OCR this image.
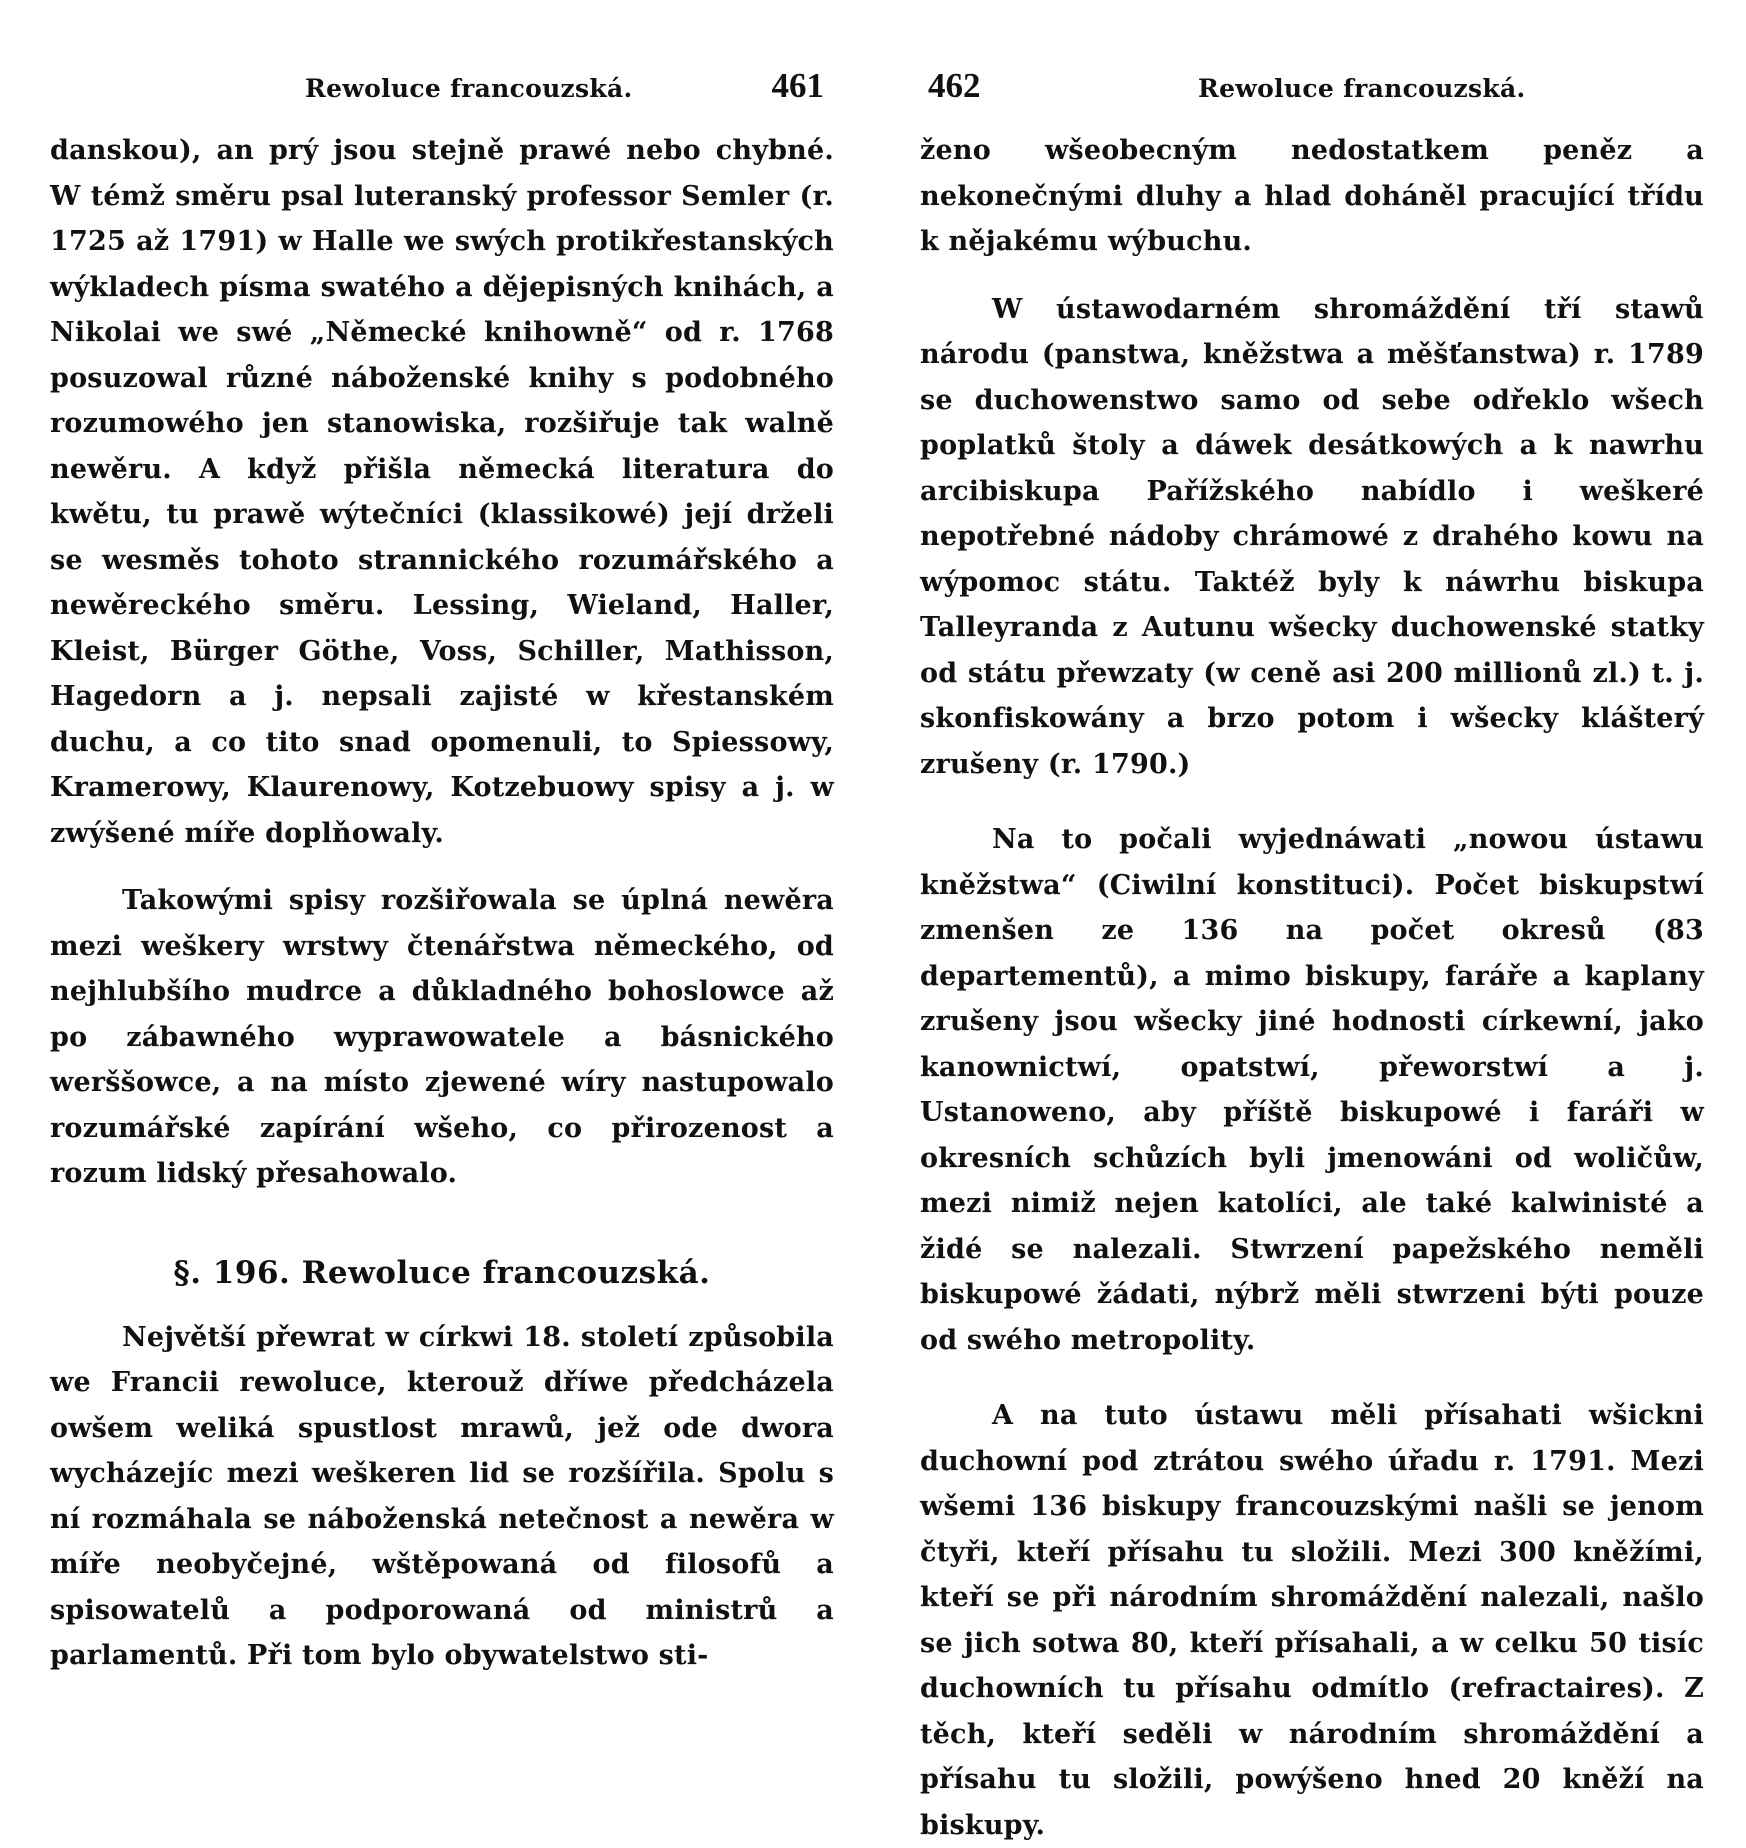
Rewoluce francouzská.	461

danskou), an prý jsou stejně prawé nebo chybné. W témž směru psal luteranský professor Semler (r. 1725 až 1791) w Halle we swých protikřestanských wýkladech písma swatého a dějepisných knihách, a Nikolai we swé „Německé knihowně“ od r. 1768 posuzowal různé náboženské knihy s podobného rozumowého jen stanowiska, rozšiřuje tak walně newěru. A když přišla německá literatura do kwětu, tu prawě wýtečníci (klassikowé) její drželi se wesměs tohoto strannického rozumářského a newěreckého směru. Lessing, Wieland, Haller, Kleist, Bürger Göthe, Voss, Schiller, Mathisson, Hagedorn a j. nepsali zajisté w křestanském duchu, a co tito snad opomenuli, to Spiessowy, Kramerowy, Klaurenowy, Kotzebuowy spisy a j. w zwýšené míře doplňowaly.

Takowými spisy rozšiřowala se úplná newěra mezi weškery wrstwy čtenářstwa německého, od nejhlubšího mudrce a důkladného bohoslowce až po zábawného wyprawowatele a básnického werššowce, a na místo zjewené wíry nastupowalo rozumářské zapírání wšeho, co přirozenost a rozum lidský přesahowalo.

§. 196. Rewoluce francouzská.

Největší přewrat w církwi 18. století způsobila we Francii rewoluce, kterouž dříwe předcházela owšem weliká spustlost mrawů, jež ode dwora wycházejíc mezi weškeren lid se rozšířila. Spolu s ní rozmáhala se náboženská netečnost a newěra w míře neobyčejné, wštěpowaná od filosofů a spisowatelů a podporowaná od ministrů a parlamentů. Při tom bylo obywatelstwo sti-

462	Rewoluce francouzská.

ženo wšeobecným nedostatkem peněz a nekonečnými dluhy a hlad doháněl pracující třídu k nějakému wýbuchu.

W ústawodarném shromáždění tří stawů národu (panstwa, kněžstwa a měšťanstwa) r. 1789 se duchowenstwo samo od sebe odřeklo wšech poplatků štoly a dáwek desátkowých a k nawrhu arcibiskupa Pařížského nabídlo i weškeré nepotřebné nádoby chrámowé z drahého kowu na wýpomoc státu. Taktéž byly k náwrhu biskupa Talleyranda z Autunu wšecky duchowenské statky od státu přewzaty (w ceně asi 200 millionů zl.) t. j. skonfiskowány a brzo potom i wšecky klášterý zrušeny (r. 1790.)

Na to počali wyjednáwati „nowou ústawu kněžstwa“ (Ciwilní konstituci). Počet biskupstwí zmenšen ze 136 na počet okresů (83 departementů), a mimo biskupy, faráře a kaplany zrušeny jsou wšecky jiné hodnosti církewní, jako kanownictwí, opatstwí, přeworstwí a j. Ustanoweno, aby příště biskupowé i faráři w okresních schůzích byli jmenowáni od woličůw, mezi nimiž nejen katolíci, ale také kalwinisté a židé se nalezali. Stwrzení papežského neměli biskupowé žádati, nýbrž měli stwrzeni býti pouze od swého metropolity.

A na tuto ústawu měli přísahati wšickni duchowní pod ztrátou swého úřadu r. 1791. Mezi wšemi 136 biskupy francouzskými našli se jenom čtyři, kteří přísahu tu složili. Mezi 300 kněžími, kteří se při národním shromáždění nalezali, našlo se jich sotwa 80, kteří přísahali, a w celku 50 tisíc duchowních tu přísahu odmítlo (refractaires). Z těch, kteří seděli w národním shromáždění a přísahu tu složili, powýšeno hned 20 kněží na biskupy.
